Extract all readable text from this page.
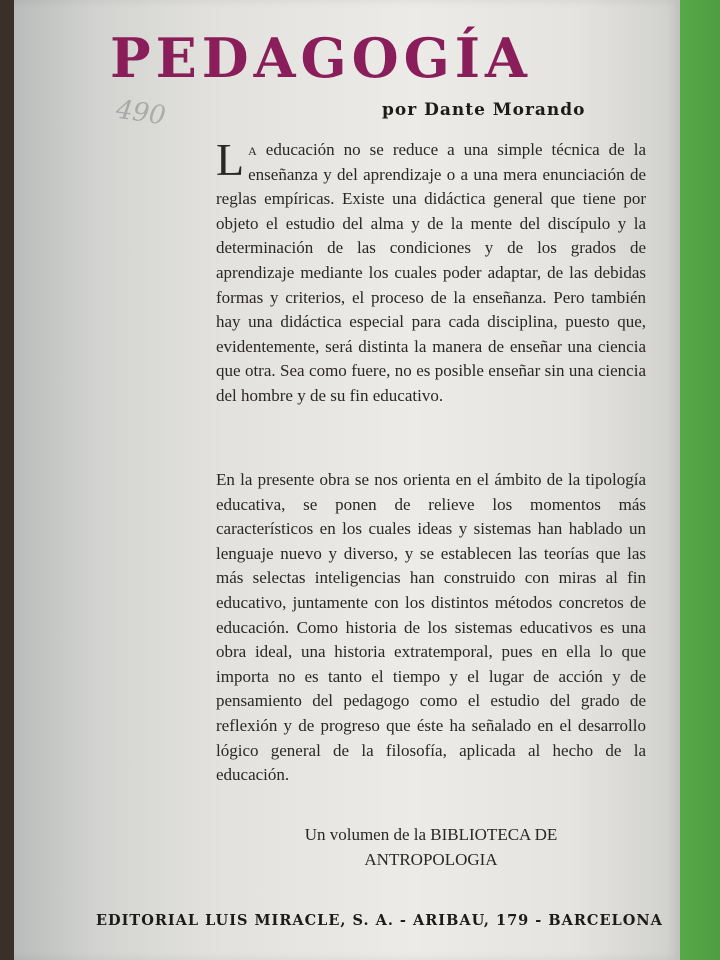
PEDAGOGÍA
490	por Dante Morando

La educación no se reduce a una simple técnica de la enseñanza y del aprendizaje o a una mera enunciación de reglas empíricas. Existe una didáctica general que tiene por objeto el estudio del alma y de la mente del discípulo y la determinación de las condiciones y de los grados de aprendizaje mediante los cuales poder adaptar, de las debidas formas y criterios, el proceso de la enseñanza. Pero también hay una didáctica especial para cada disciplina, puesto que, evidentemente, será distinta la manera de enseñar una ciencia que otra. Sea como fuere, no es posible enseñar sin una ciencia del hombre y de su fin educativo.

En la presente obra se nos orienta en el ámbito de la tipología educativa, se ponen de relieve los momentos más característicos en los cuales ideas y sistemas han hablado un lenguaje nuevo y diverso, y se establecen las teorías que las más selectas inteligencias han construido con miras al fin educativo, juntamente con los distintos métodos concretos de educación. Como historia de los sistemas educativos es una obra ideal, una historia extratemporal, pues en ella lo que importa no es tanto el tiempo y el lugar de acción y de pensamiento del pedagogo como el estudio del grado de reflexión y de progreso que éste ha señalado en el desarrollo lógico general de la filosofía, aplicada al hecho de la educación.

Un volumen de la BIBLIOTECA DE
ANTROPOLOGIA
EDITORIAL LUIS MIRACLE, S. A. - ARIBAU, 179 - BARCELONA
